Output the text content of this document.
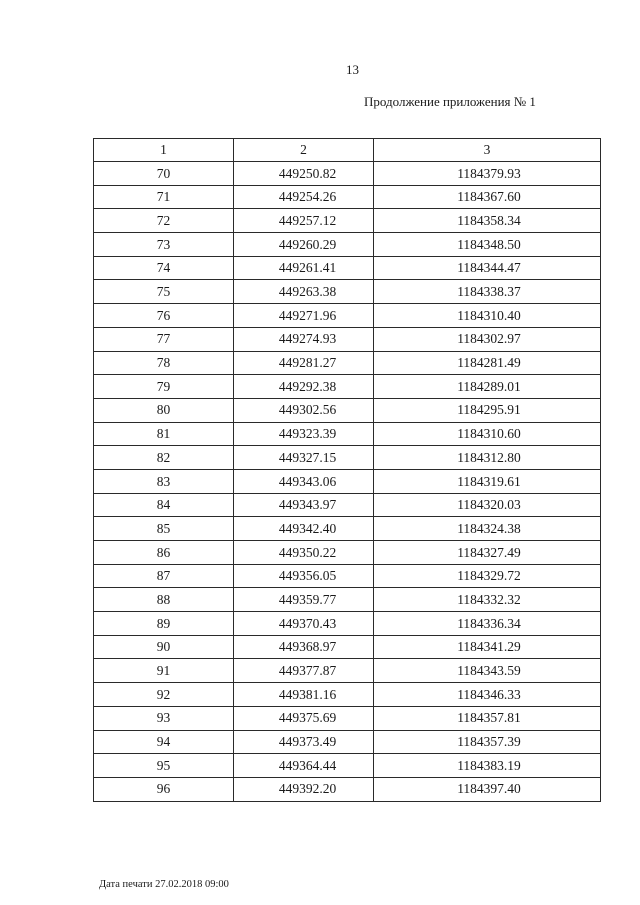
13
Продолжение приложения № 1
1	2	3
70	449250.82	1184379.93
71	449254.26	1184367.60
72	449257.12	1184358.34
73	449260.29	1184348.50
74	449261.41	1184344.47
75	449263.38	1184338.37
76	449271.96	1184310.40
77	449274.93	1184302.97
78	449281.27	1184281.49
79	449292.38	1184289.01
80	449302.56	1184295.91
81	449323.39	1184310.60
82	449327.15	1184312.80
83	449343.06	1184319.61
84	449343.97	1184320.03
85	449342.40	1184324.38
86	449350.22	1184327.49
87	449356.05	1184329.72
88	449359.77	1184332.32
89	449370.43	1184336.34
90	449368.97	1184341.29
91	449377.87	1184343.59
92	449381.16	1184346.33
93	449375.69	1184357.81
94	449373.49	1184357.39
95	449364.44	1184383.19
96	449392.20	1184397.40
Дата печати 27.02.2018 09:00
